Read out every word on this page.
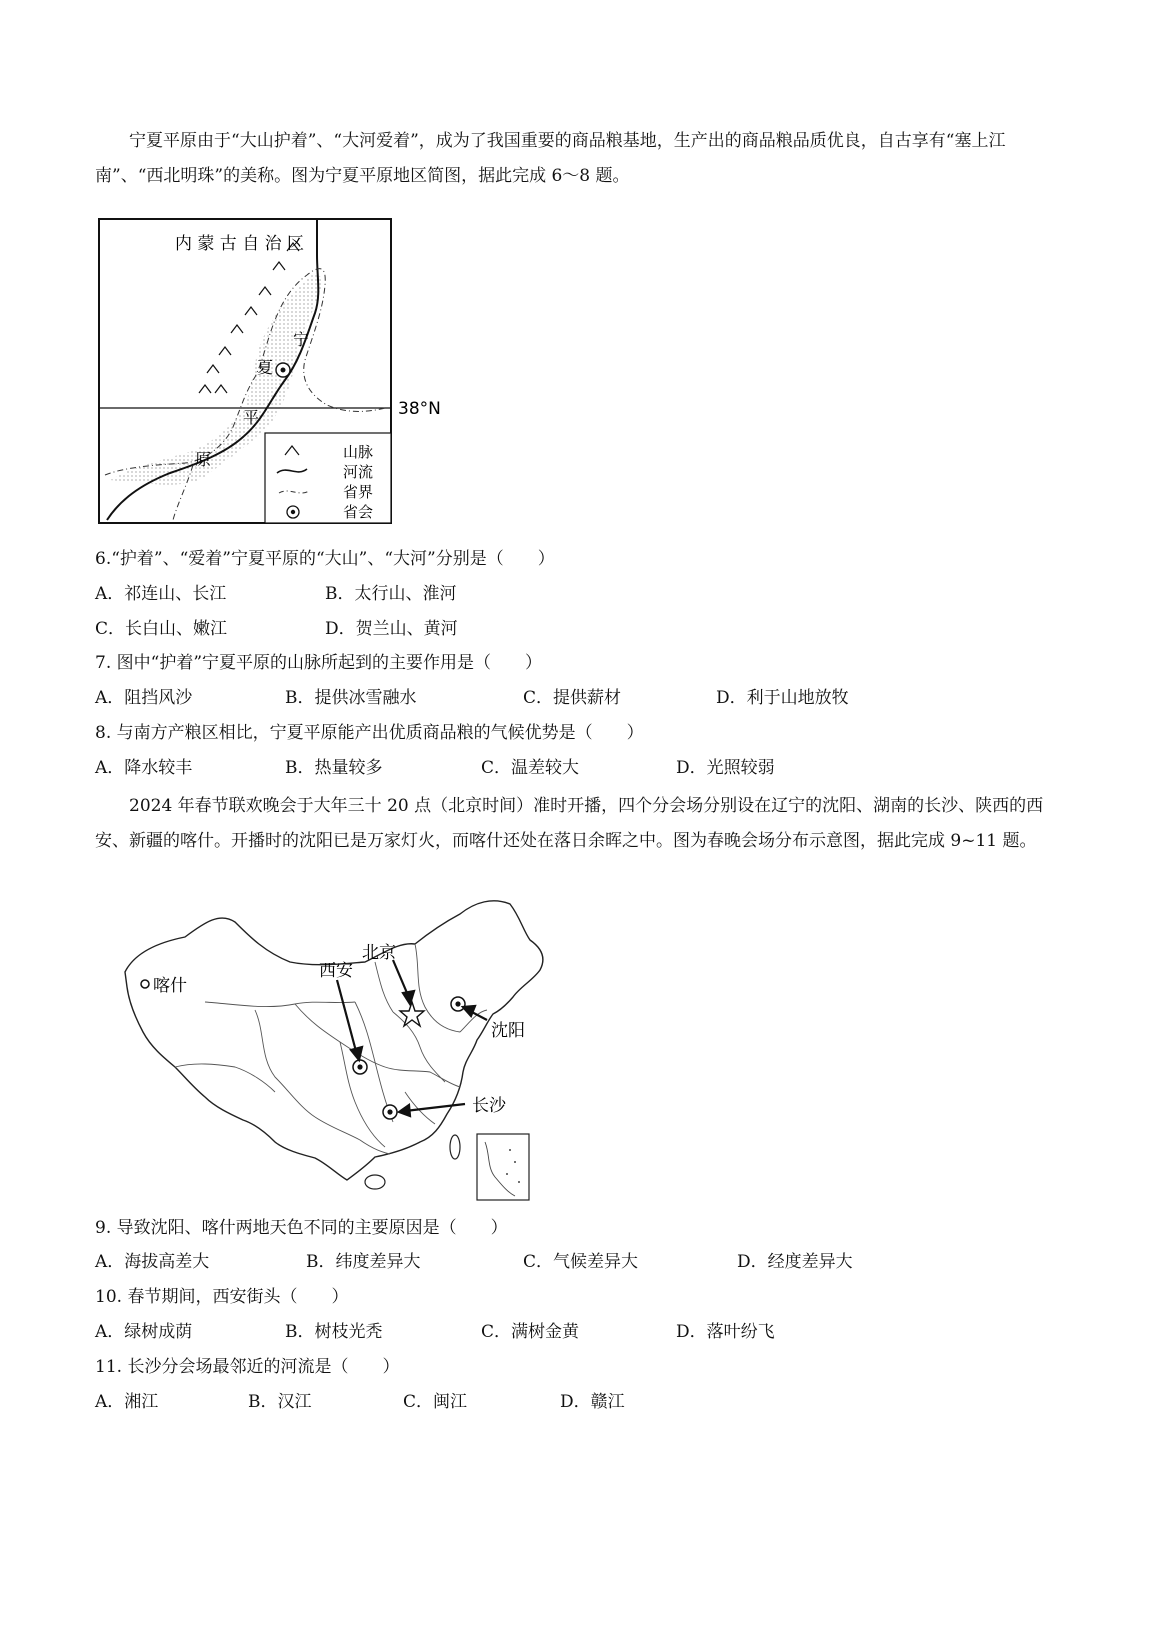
宁夏平原由于“大山护着”、“大河爱着”，成为了我国重要的商品粮基地，生产出的商品粮品质优良，自古享有“塞上江南”、“西北明珠”的美称。图为宁夏平原地区简图，据此完成 6～8 题。

内 蒙 古 自 治 区
宁
夏
平
原	山脉
河流
省界
省会
38°N
6.“护着”、“爱着”宁夏平原的“大山”、“大河”分别是（　　）
A．祁连山、长江	B．太行山、淮河
C．长白山、嫩江	D．贺兰山、黄河
7. 图中“护着”宁夏平原的山脉所起到的主要作用是（　　）
A．阻挡风沙	B．提供冰雪融水	C．提供薪材	D．利于山地放牧
8. 与南方产粮区相比，宁夏平原能产出优质商品粮的气候优势是（　　）
A．降水较丰	B．热量较多	C．温差较大	D．光照较弱

2024 年春节联欢晚会于大年三十 20 点（北京时间）准时开播，四个分会场分别设在辽宁的沈阳、湖南的长沙、陕西的西安、新疆的喀什。开播时的沈阳已是万家灯火，而喀什还处在落日余晖之中。图为春晚会场分布示意图，据此完成 9~11 题。

北京
西安
喀什
沈阳
长沙
9. 导致沈阳、喀什两地天色不同的主要原因是（　　）
A．海拔高差大	B．纬度差异大	C．气候差异大	D．经度差异大
10. 春节期间，西安街头（　　）
A．绿树成荫	B．树枝光秃	C．满树金黄	D．落叶纷飞
11. 长沙分会场最邻近的河流是（　　）
A．湘江	B．汉江	C．闽江	D．赣江
